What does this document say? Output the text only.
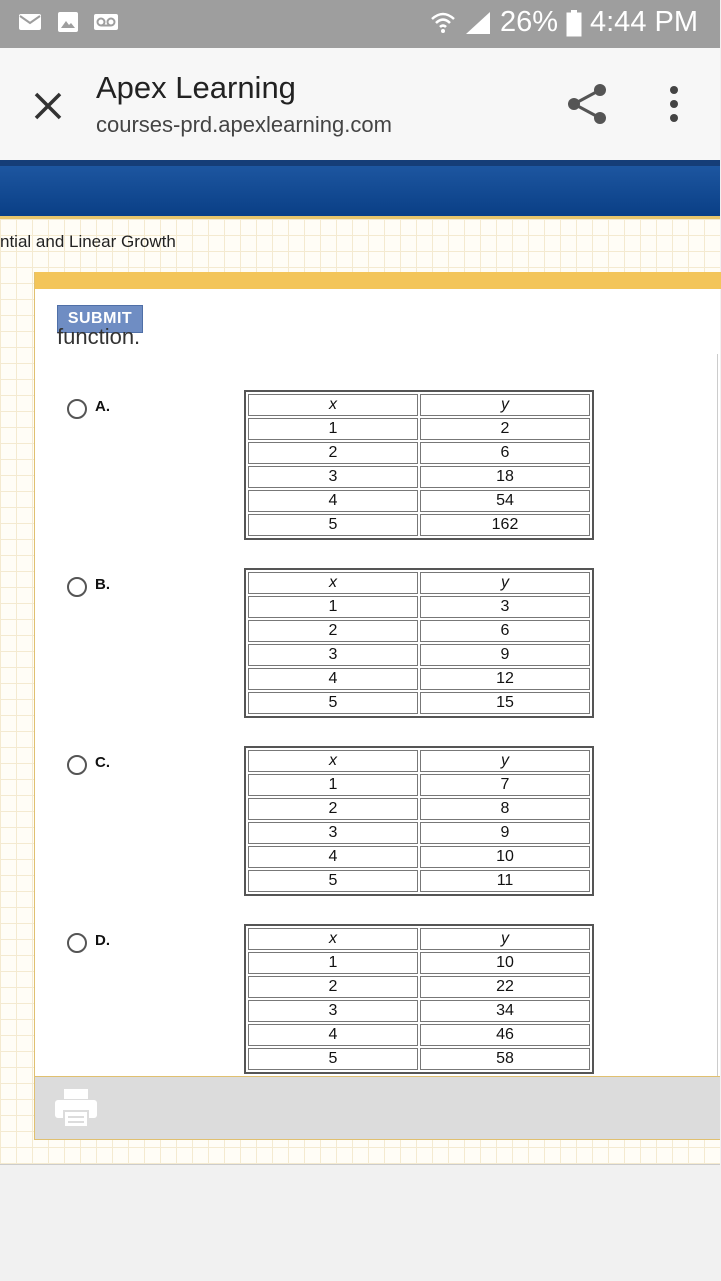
26% 4:44 PM
Apex Learning
courses-prd.apexlearning.com
ntial and Linear Growth
SUBMIT
function.
A.	x	y
1	2
2	6
3	18
4	54
5	162
B.	x	y
1	3
2	6
3	9
4	12
5	15
C.	x	y
1	7
2	8
3	9
4	10
5	11
D.	x	y
1	10
2	22
3	34
4	46
5	58
